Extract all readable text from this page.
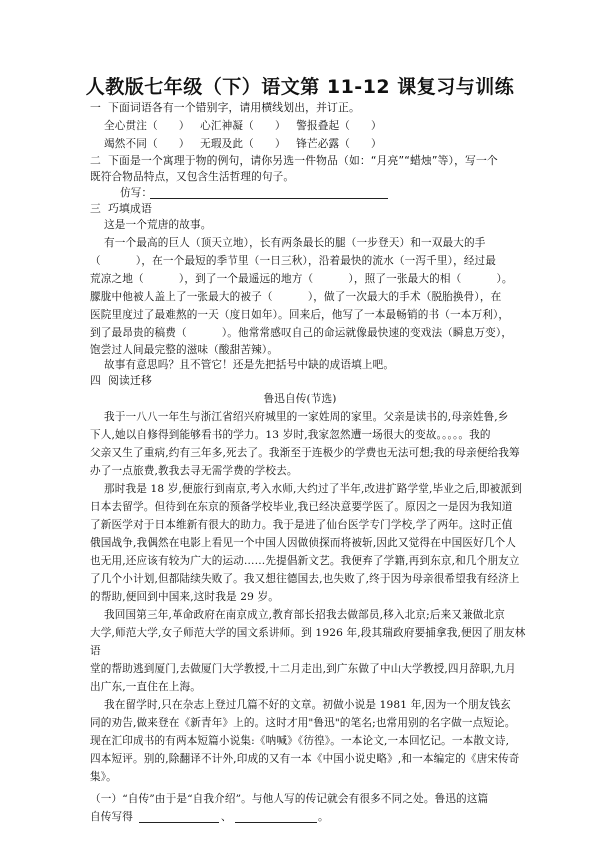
人教版七年级（下）语文第 11-12 课复习与训练
一  下面词语各有一个错别字，请用横线划出，并订正。
全心贯注（      ）   心汇神凝（      ）   警报叠起（      ）
竭然不同（      ）   无瑕及此（      ）   锋芒必露（      ）
二  下面是一个寓理于物的例句，请你另选一件物品（如：“月亮”“蜡烛”等），写一个
既符合物品特点，又包含生活哲理的句子。
仿写：
三  巧填成语
这是一个荒唐的故事。
有一个最高的巨人（顶天立地），长有两条最长的腿（一步登天）和一双最大的手
（          ），在一个最短的季节里（一日三秋），沿着最快的流水（一泻千里），经过最
荒凉之地（          ），到了一个最遥远的地方（          ），照了一张最大的相（          ）。
朦胧中他被人盖上了一张最大的被子（          ），做了一次最大的手术（脱胎换骨），在
医院里度过了最难熬的一天（度日如年）。回来后，他写了一本最畅销的书（一本万利），
到了最昂贵的稿费（          ）。他常常感叹自己的命运就像最快速的变戏法（瞬息万变），
饱尝过人间最完整的滋味（酸甜苦辣）。
故事有意思吗？且不管它！还是先把括号中缺的成语填上吧。
四  阅读迁移
鲁迅自传(节选)
我于一八八一年生与浙江省绍兴府城里的一家姓周的家里。父亲是读书的,母亲姓鲁,乡
下人,她以自修得到能够看书的学力。13 岁时,我家忽然遭一场很大的变故。。。。。我的
父亲又生了重病,约有三年多,死去了。我渐至于连极少的学费也无法可想;我的母亲便给我筹
办了一点旅费,教我去寻无需学费的学校去。
那时我是 18 岁,便旅行到南京,考入水师,大约过了半年,改进扩路学堂,毕业之后,即被派到
日本去留学。但待到在东京的预备学校毕业,我已经决意要学医了。原因之一是因为我知道
了新医学对于日本维新有很大的助力。我于是进了仙台医学专门学校,学了两年。这时正值
俄国战争,我偶然在电影上看见一个中国人因做侦探而将被斩,因此又觉得在中国医好几个人
也无用,还应该有较为广大的运动……先提倡新文艺。我便弃了学籍,再到东京,和几个朋友立
了几个小计划,但都陆续失败了。我又想往德国去,也失败了,终于因为母亲很希望我有经济上
的帮助,便回到中国来,这时我是 29 岁。
我回国第三年,革命政府在南京成立,教育部长招我去做部员,移入北京;后来又兼做北京
大学,师范大学,女子师范大学的国文系讲师。到 1926 年,段其瑞政府要捕拿我,便因了朋友林
语
堂的帮助逃到厦门,去做厦门大学教授,十二月走出,到广东做了中山大学教授,四月辞职,九月
出广东,一直住在上海。
我在留学时,只在杂志上登过几篇不好的文章。初做小说是 1981 年,因为一个朋友钱玄
同的劝告,做来登在《新青年》上的。这时才用"鲁迅"的笔名;也常用别的名字做一点短论。
现在汇印成书的有两本短篇小说集:《呐喊》《彷徨》。一本论文,一本回忆记。一本散文诗,
四本短评。别的,除翻译不计外,印成的又有一本《中国小说史略》,和一本编定的《唐宋传奇
集》。
（一）“自传”由于是“自我介绍”。与他人写的传记就会有很多不同之处。鲁迅的这篇
自传写得	、	。
